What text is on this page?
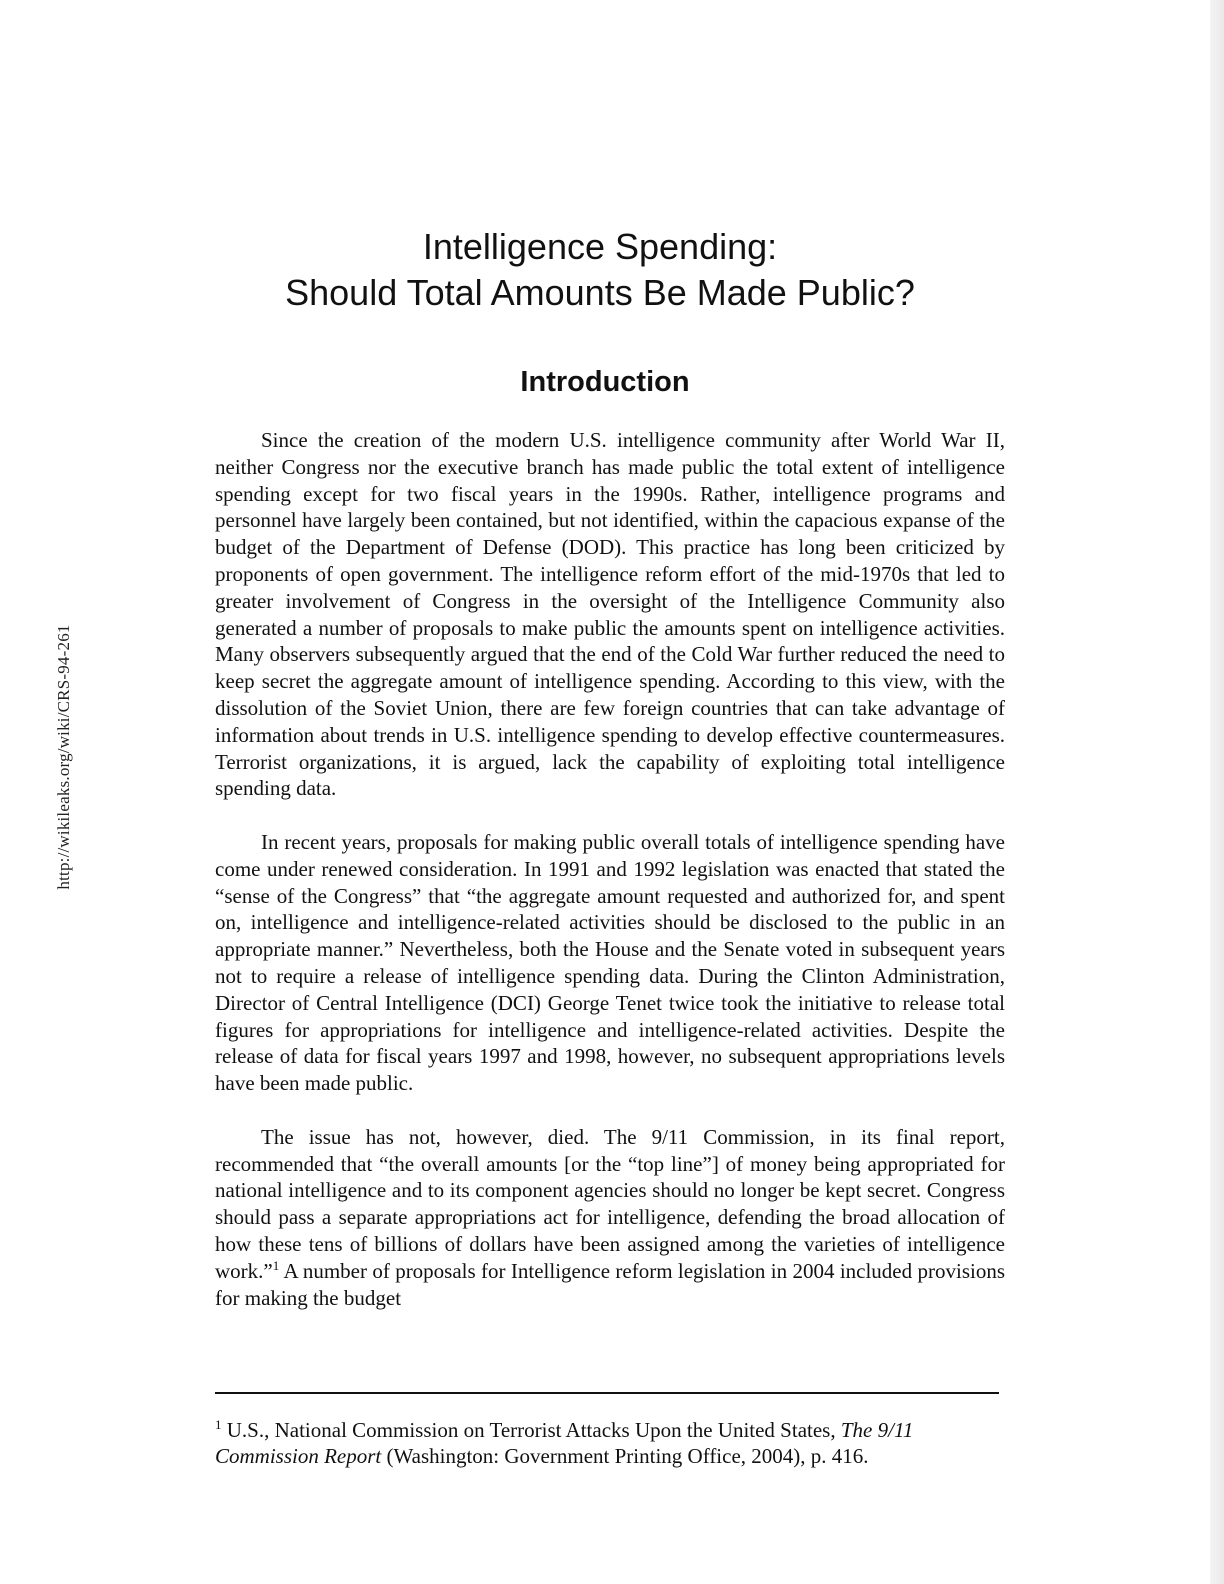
http://wikileaks.org/wiki/CRS-94-261
Intelligence Spending:
Should Total Amounts Be Made Public?
Introduction

Since the creation of the modern U.S. intelligence community after World War II, neither Congress nor the executive branch has made public the total extent of intelligence spending except for two fiscal years in the 1990s. Rather, intelligence programs and personnel have largely been contained, but not identified, within the capacious expanse of the budget of the Department of Defense (DOD). This practice has long been criticized by proponents of open government. The intelligence reform effort of the mid-1970s that led to greater involvement of Congress in the oversight of the Intelligence Community also generated a number of proposals to make public the amounts spent on intelligence activities. Many observers subsequently argued that the end of the Cold War further reduced the need to keep secret the aggregate amount of intelligence spending. According to this view, with the dissolution of the Soviet Union, there are few foreign countries that can take advantage of information about trends in U.S. intelligence spending to develop effective countermeasures. Terrorist organizations, it is argued, lack the capability of exploiting total intelligence spending data.

In recent years, proposals for making public overall totals of intelligence spending have come under renewed consideration. In 1991 and 1992 legislation was enacted that stated the “sense of the Congress” that “the aggregate amount requested and authorized for, and spent on, intelligence and intelligence-related activities should be disclosed to the public in an appropriate manner.” Nevertheless, both the House and the Senate voted in subsequent years not to require a release of intelligence spending data. During the Clinton Administration, Director of Central Intelligence (DCI) George Tenet twice took the initiative to release total figures for appropriations for intelligence and intelligence-related activities. Despite the release of data for fiscal years 1997 and 1998, however, no subsequent appropriations levels have been made public.

The issue has not, however, died. The 9/11 Commission, in its final report, recommended that “the overall amounts [or the “top line”] of money being appropriated for national intelligence and to its component agencies should no longer be kept secret. Congress should pass a separate appropriations act for intelligence, defending the broad allocation of how these tens of billions of dollars have been assigned among the varieties of intelligence work.”$^1$ A number of proposals for Intelligence reform legislation in 2004 included provisions for making the budget

$^1$ U.S., National Commission on Terrorist Attacks Upon the United States, The 9/11 Commission Report (Washington: Government Printing Office, 2004), p. 416.
